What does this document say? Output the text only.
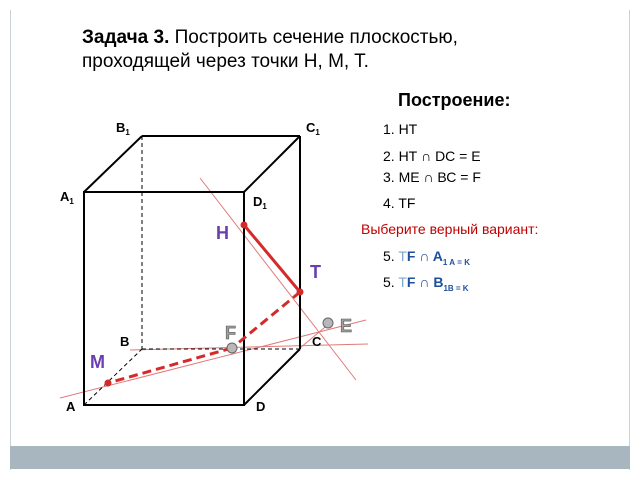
Задача 3. Построить сечение плоскостью, проходящей через точки H, M, T.
Построение:
1. НТ
2. НТ ∩ DC = E
3. МЕ ∩ ВС = F
4. TF
Выберите верный вариант:
5. TF ∩ $A_{1 A}$ $_{= K}$
5. TF ∩ $B_{1B}$ $_{= K}$
$B_1$	$C_1$
$A_1$	$D_1$
B	C
A	D
H
T
M
F	E
